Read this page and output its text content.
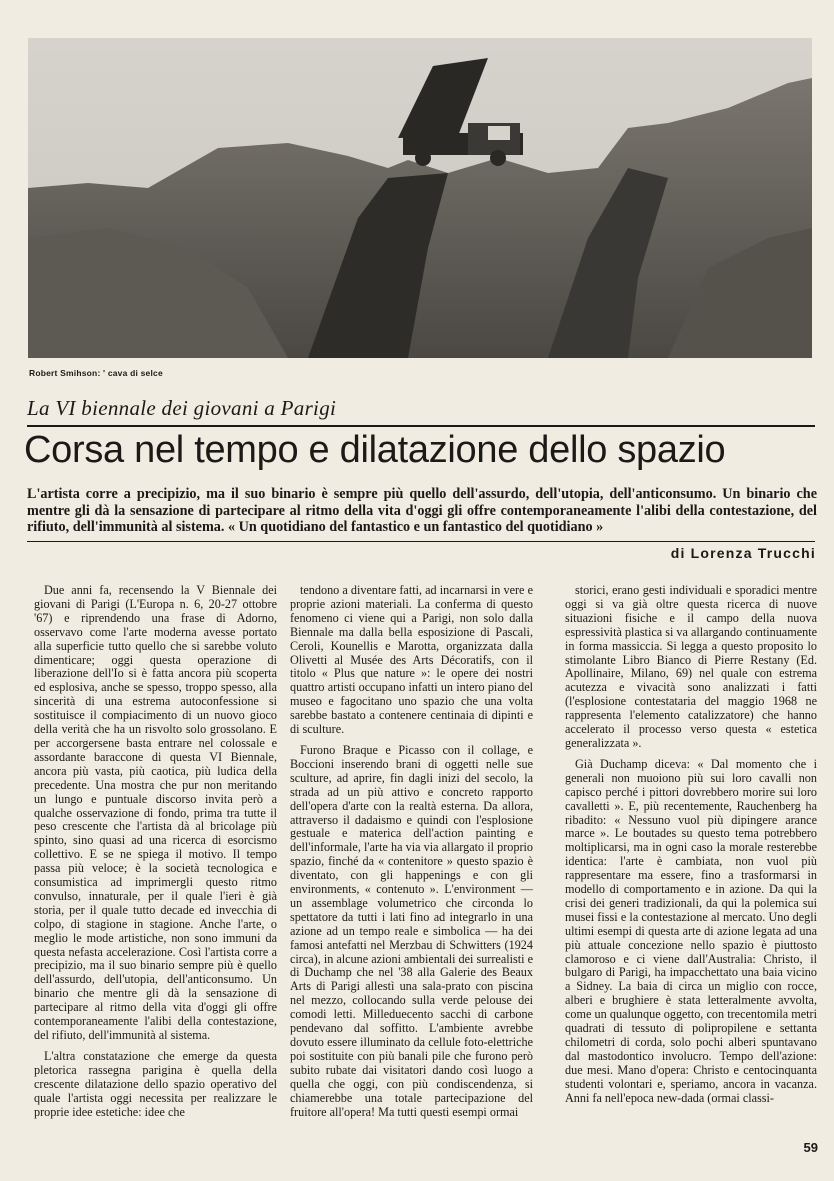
Robert Smihson: ' cava di selce
La VI biennale dei giovani a Parigi
Corsa nel tempo e dilatazione dello spazio
L'artista corre a precipizio, ma il suo binario è sempre più quello dell'assurdo, dell'utopia, dell'anticonsumo. Un binario che mentre gli dà la sensazione di partecipare al ritmo della vita d'oggi gli offre contemporaneamente l'alibi della contestazione, del rifiuto, dell'immunità al sistema. « Un quotidiano del fantastico e un fantastico del quotidiano »
di Lorenza Trucchi

Due anni fa, recensendo la V Biennale dei giovani di Parigi (L'Europa n. 6, 20-27 ottobre '67) e riprendendo una frase di Adorno, osservavo come l'arte moderna avesse portato alla superficie tutto quello che si sarebbe voluto dimenticare; oggi questa operazione di liberazione dell'Io si è fatta ancora più scoperta ed esplosiva, anche se spesso, troppo spesso, alla sincerità di una estrema autoconfessione si sostituisce il compiacimento di un nuovo gioco della verità che ha un risvolto solo grossolano. E per accorgersene basta entrare nel colossale e assordante baraccone di questa VI Biennale, ancora più vasta, più caotica, più ludica della precedente. Una mostra che pur non meritando un lungo e puntuale discorso invita però a qualche osservazione di fondo, prima tra tutte il peso crescente che l'artista dà al bricolage più spinto, sino quasi ad una ricerca di esorcismo collettivo. E se ne spiega il motivo. Il tempo passa più veloce; è la società tecnologica e consumistica ad imprimergli questo ritmo convulso, innaturale, per il quale l'ieri è già storia, per il quale tutto decade ed invecchia di colpo, di stagione in stagione. Anche l'arte, o meglio le mode artistiche, non sono immuni da questa nefasta accelerazione. Così l'artista corre a precipizio, ma il suo binario sempre più è quello dell'assurdo, dell'utopia, dell'anticonsumo. Un binario che mentre gli dà la sensazione di partecipare al ritmo della vita d'oggi gli offre contemporaneamente l'alibi della contestazione, del rifiuto, dell'immunità al sistema.

L'altra constatazione che emerge da questa pletorica rassegna parigina è quella della crescente dilatazione dello spazio operativo del quale l'artista oggi necessita per realizzare le proprie idee estetiche: idee che

tendono a diventare fatti, ad incarnarsi in vere e proprie azioni materiali. La conferma di questo fenomeno ci viene qui a Parigi, non solo dalla Biennale ma dalla bella esposizione di Pascali, Ceroli, Kounellis e Marotta, organizzata dalla Olivetti al Musée des Arts Décoratifs, con il titolo « Plus que nature »: le opere dei nostri quattro artisti occupano infatti un intero piano del museo e fagocitano uno spazio che una volta sarebbe bastato a contenere centinaia di dipinti e di sculture.

Furono Braque e Picasso con il collage, e Boccioni inserendo brani di oggetti nelle sue sculture, ad aprire, fin dagli inizi del secolo, la strada ad un più attivo e concreto rapporto dell'opera d'arte con la realtà esterna. Da allora, attraverso il dadaismo e quindi con l'esplosione gestuale e materica dell'action painting e dell'informale, l'arte ha via via allargato il proprio spazio, finché da « contenitore » questo spazio è diventato, con gli happenings e con gli environments, « contenuto ». L'environment — un assemblage volumetrico che circonda lo spettatore da tutti i lati fino ad integrarlo in una azione ad un tempo reale e simbolica — ha dei famosi antefatti nel Merzbau di Schwitters (1924 circa), in alcune azioni ambientali dei surrealisti e di Duchamp che nel '38 alla Galerie des Beaux Arts di Parigi allestì una sala-prato con piscina nel mezzo, collocando sulla verde pelouse dei comodi letti. Milleduecento sacchi di carbone pendevano dal soffitto. L'ambiente avrebbe dovuto essere illuminato da cellule foto-elettriche poi sostituite con più banali pile che furono però subito rubate dai visitatori dando così luogo a quella che oggi, con più condiscendenza, si chiamerebbe una totale partecipazione del fruitore all'opera! Ma tutti questi esempi ormai

storici, erano gesti individuali e sporadici mentre oggi si va già oltre questa ricerca di nuove situazioni fisiche e il campo della nuova espressività plastica si va allargando continuamente in forma massiccia. Si legga a questo proposito lo stimolante Libro Bianco di Pierre Restany (Ed. Apollinaire, Milano, 69) nel quale con estrema acutezza e vivacità sono analizzati i fatti (l'esplosione contestataria del maggio 1968 ne rappresenta l'elemento catalizzatore) che hanno accelerato il processo verso questa « estetica generalizzata ».

Già Duchamp diceva: « Dal momento che i generali non muoiono più sui loro cavalli non capisco perché i pittori dovrebbero morire sui loro cavalletti ». E, più recentemente, Rauchenberg ha ribadito: « Nessuno vuol più dipingere arance marce ». Le boutades su questo tema potrebbero moltiplicarsi, ma in ogni caso la morale resterebbe identica: l'arte è cambiata, non vuol più rappresentare ma essere, fino a trasformarsi in modello di comportamento e in azione. Da qui la crisi dei generi tradizionali, da qui la polemica sui musei fissi e la contestazione al mercato. Uno degli ultimi esempi di questa arte di azione legata ad una più attuale concezione nello spazio è piuttosto clamoroso e ci viene dall'Australia: Christo, il bulgaro di Parigi, ha impacchettato una baia vicino a Sidney. La baia di circa un miglio con rocce, alberi e brughiere è stata letteralmente avvolta, come un qualunque oggetto, con trecentomila metri quadrati di tessuto di polipropilene e settanta chilometri di corda, solo pochi alberi spuntavano dal mastodontico involucro. Tempo dell'azione: due mesi. Mano d'opera: Christo e centocinquanta studenti volontari e, speriamo, ancora in vacanza. Anni fa nell'epoca new-dada (ormai classi-

59
